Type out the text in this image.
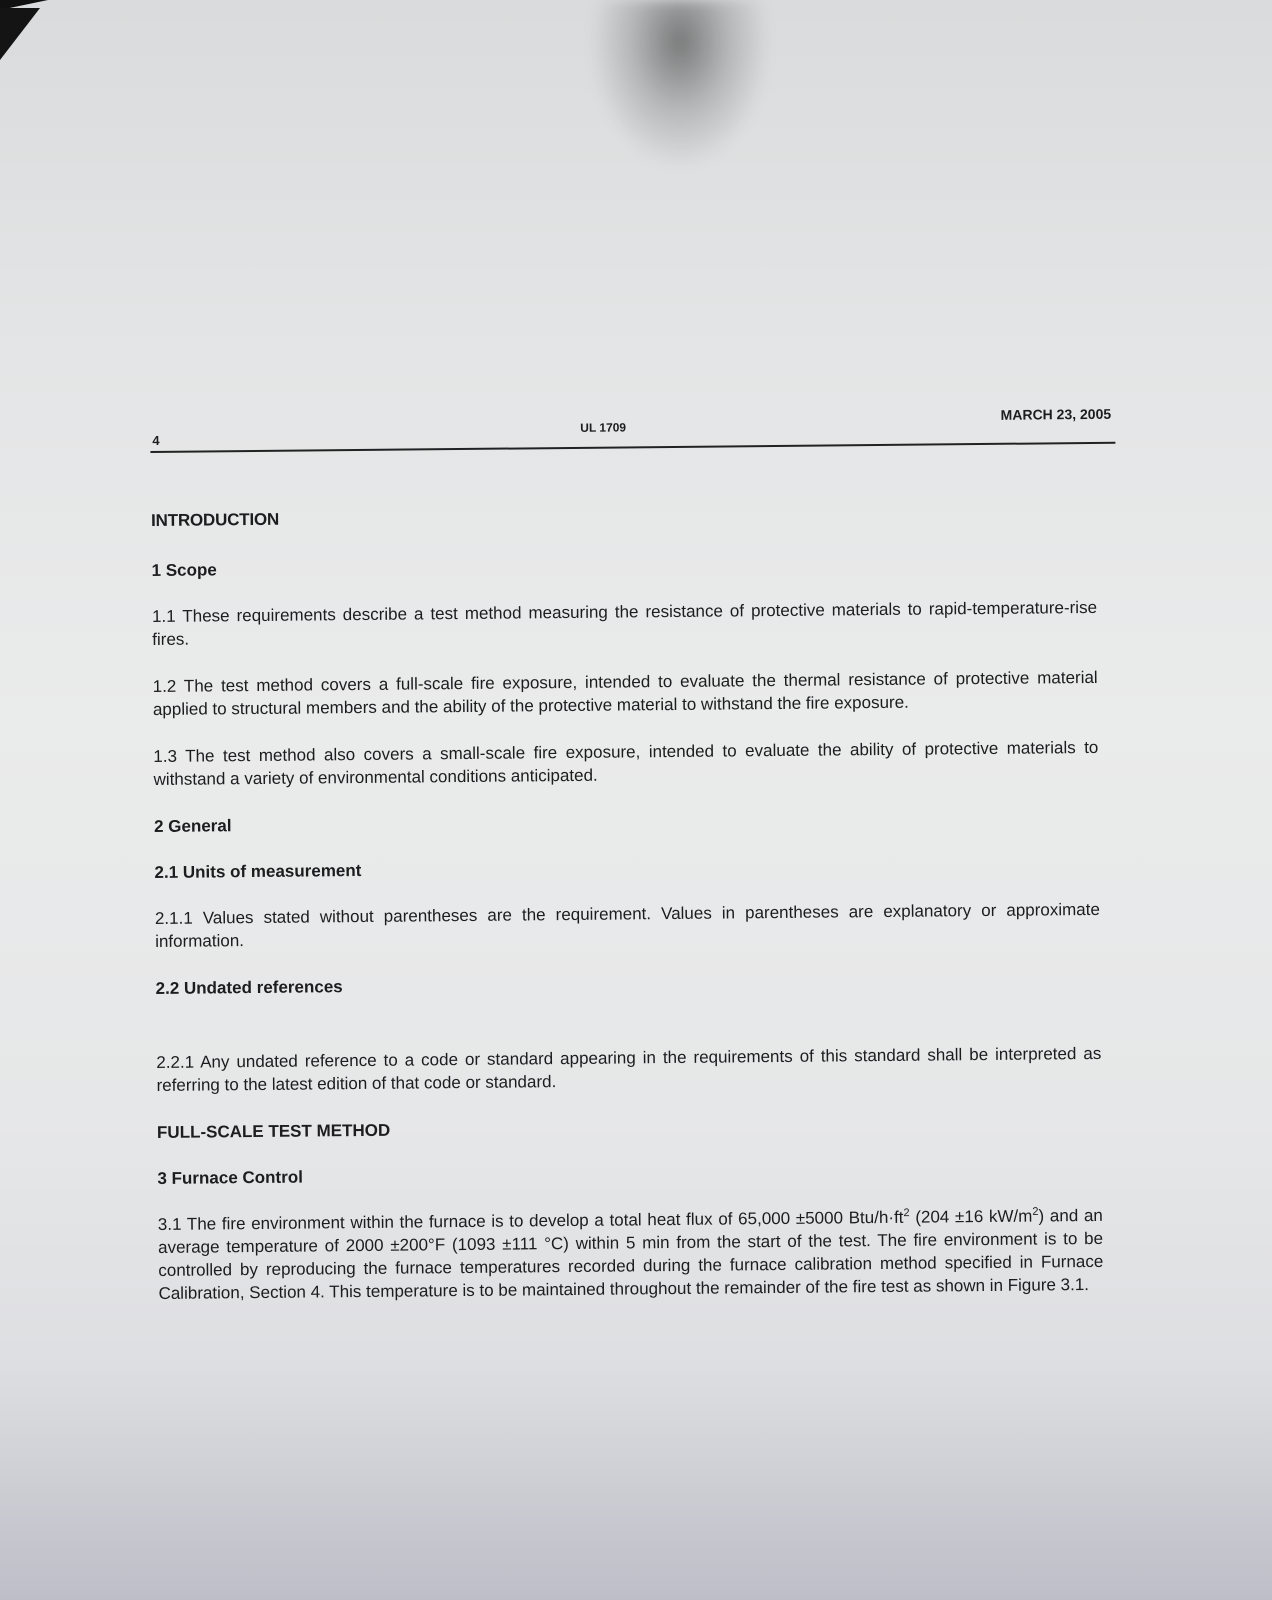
4
UL 1709
MARCH 23, 2005
INTRODUCTION
1 Scope

1.1 These requirements describe a test method measuring the resistance of protective materials to rapid-temperature-rise fires.

1.2 The test method covers a full-scale fire exposure, intended to evaluate the thermal resistance of protective material applied to structural members and the ability of the protective material to withstand the fire exposure.

1.3 The test method also covers a small-scale fire exposure, intended to evaluate the ability of protective materials to withstand a variety of environmental conditions anticipated.

2 General
2.1 Units of measurement

2.1.1 Values stated without parentheses are the requirement. Values in parentheses are explanatory or approximate information.

2.2 Undated references

2.2.1 Any undated reference to a code or standard appearing in the requirements of this standard shall be interpreted as referring to the latest edition of that code or standard.

FULL-SCALE TEST METHOD
3 Furnace Control

3.1 The fire environment within the furnace is to develop a total heat flux of 65,000 ±5000 Btu/$h\cdot ft^2$ (204 ±16 $kW/m^2$) and an average temperature of 2000 ±200°F (1093 ±111 °C) within 5 min from the start of the test. The fire environment is to be controlled by reproducing the furnace temperatures recorded during the furnace calibration method specified in Furnace Calibration, Section 4. This temperature is to be maintained throughout the remainder of the fire test as shown in Figure 3.1.
